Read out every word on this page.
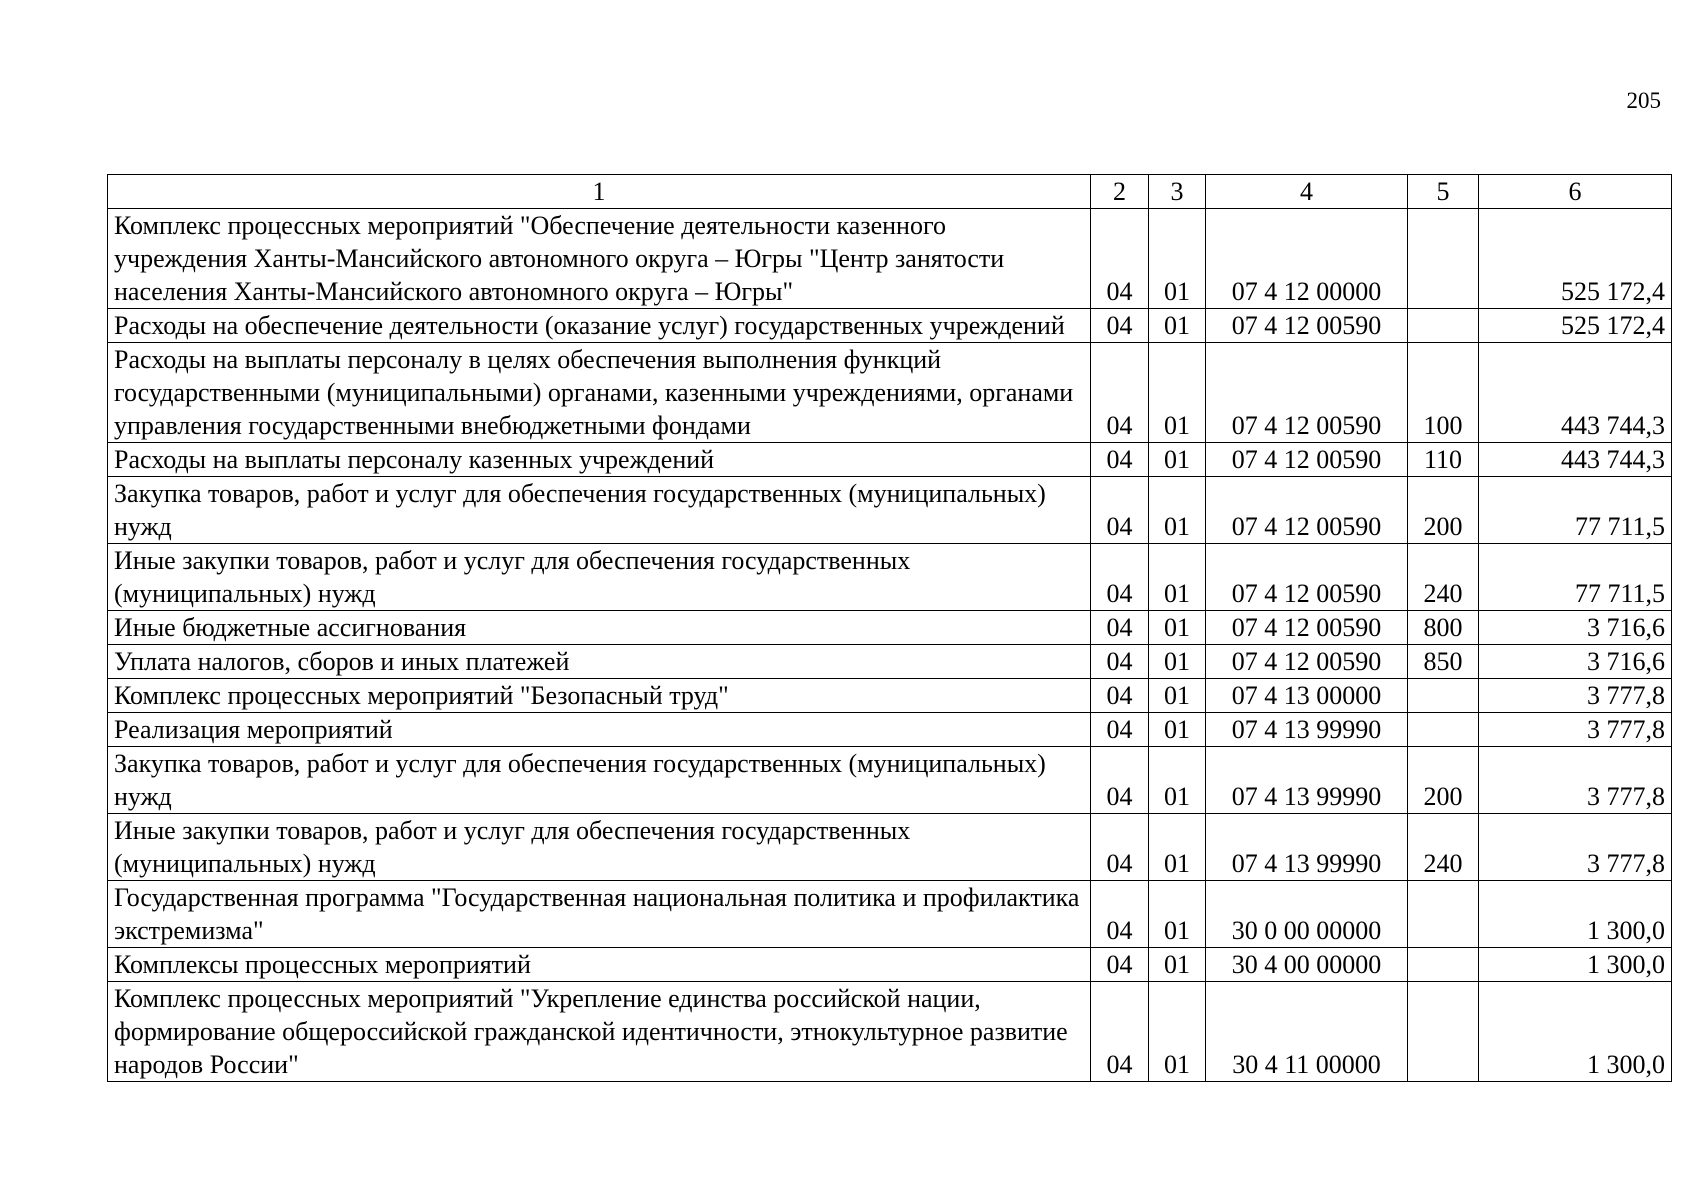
205
1	2	3	4	5	6
Комплекс процессных мероприятий "Обеспечение деятельности казенного учреждения Ханты-Мансийского автономного округа – Югры "Центр занятости населения Ханты-Мансийского автономного округа – Югры"	04	01	07 4 12 00000		525 172,4
Расходы на обеспечение деятельности (оказание услуг) государственных учреждений	04	01	07 4 12 00590		525 172,4
Расходы на выплаты персоналу в целях обеспечения выполнения функций государственными (муниципальными) органами, казенными учреждениями, органами управления государственными внебюджетными фондами	04	01	07 4 12 00590	100	443 744,3
Расходы на выплаты персоналу казенных учреждений	04	01	07 4 12 00590	110	443 744,3
Закупка товаров, работ и услуг для обеспечения государственных (муниципальных) нужд	04	01	07 4 12 00590	200	77 711,5
Иные закупки товаров, работ и услуг для обеспечения государственных (муниципальных) нужд	04	01	07 4 12 00590	240	77 711,5
Иные бюджетные ассигнования	04	01	07 4 12 00590	800	3 716,6
Уплата налогов, сборов и иных платежей	04	01	07 4 12 00590	850	3 716,6
Комплекс процессных мероприятий "Безопасный труд"	04	01	07 4 13 00000		3 777,8
Реализация мероприятий	04	01	07 4 13 99990		3 777,8
Закупка товаров, работ и услуг для обеспечения государственных (муниципальных) нужд	04	01	07 4 13 99990	200	3 777,8
Иные закупки товаров, работ и услуг для обеспечения государственных (муниципальных) нужд	04	01	07 4 13 99990	240	3 777,8
Государственная программа "Государственная национальная политика и профилактика экстремизма"	04	01	30 0 00 00000		1 300,0
Комплексы процессных мероприятий	04	01	30 4 00 00000		1 300,0
Комплекс процессных мероприятий "Укрепление единства российской нации, формирование общероссийской гражданской идентичности, этнокультурное развитие народов России"	04	01	30 4 11 00000		1 300,0
